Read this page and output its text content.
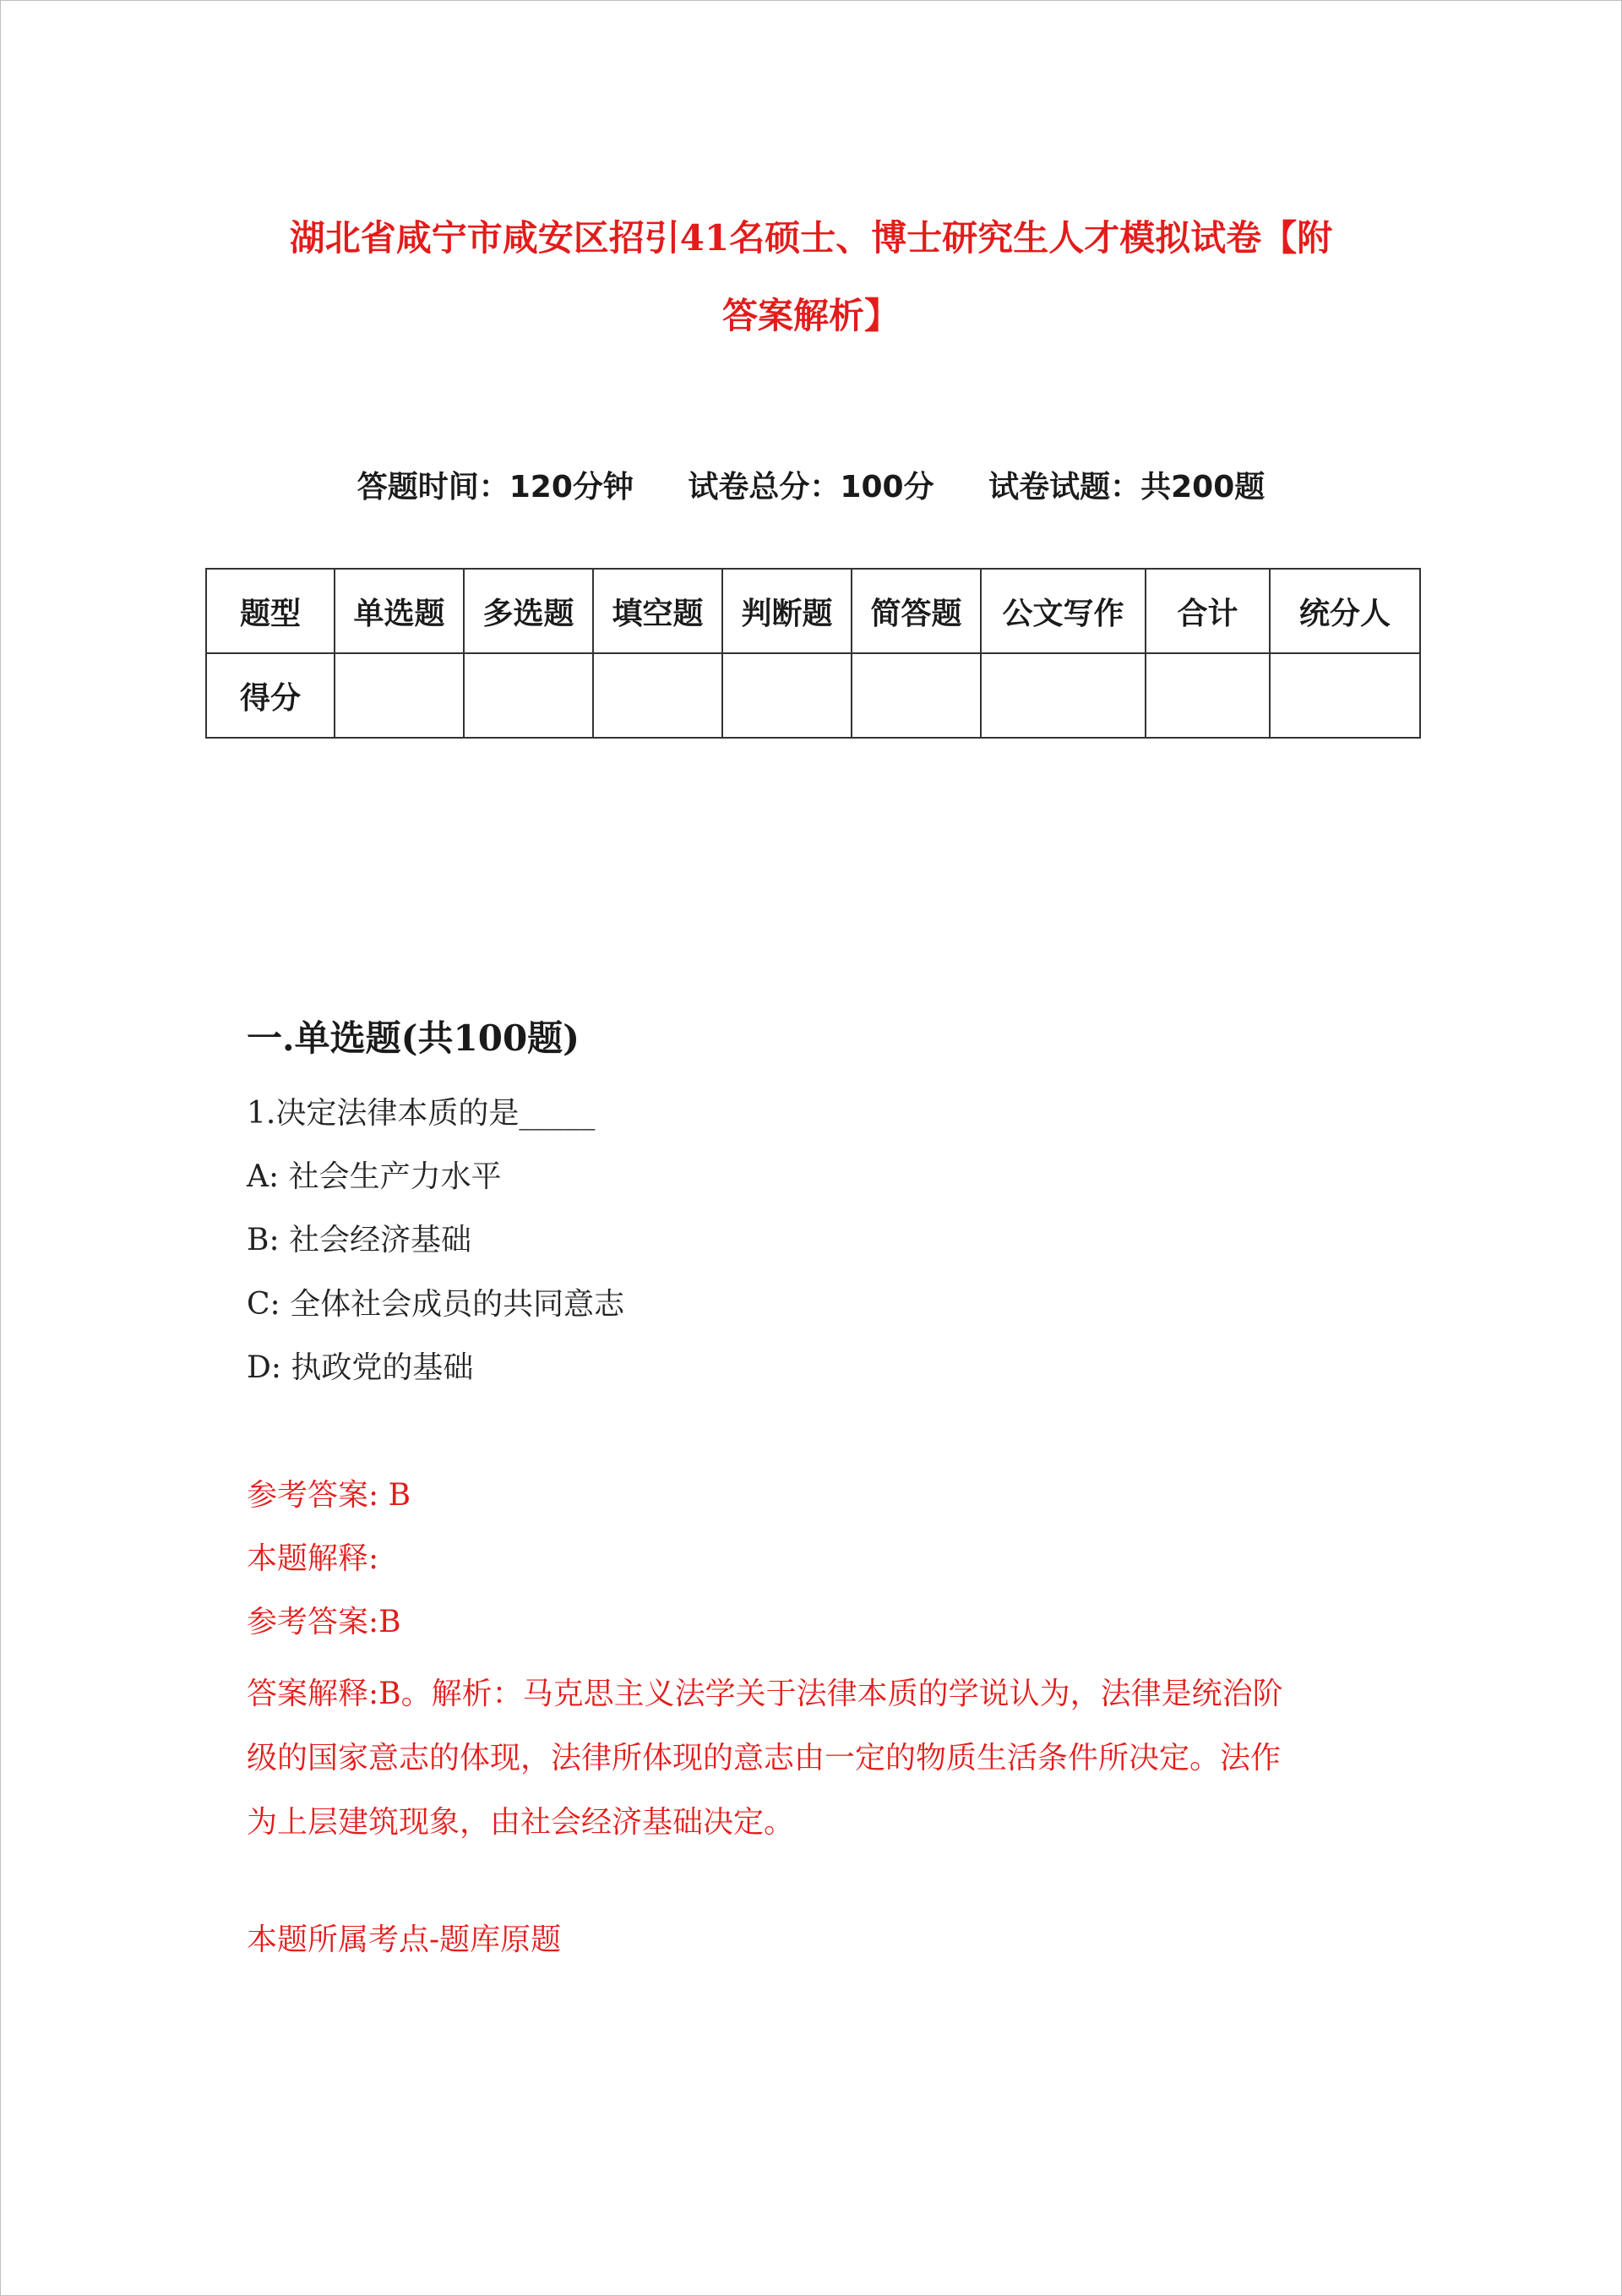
湖北省咸宁市咸安区招引41名硕士、博士研究生人才模拟试卷【附
答案解析】
答题时间：120分钟 试卷总分：100分 试卷试题：共200题
题型	单选题	多选题	填空题	判断题	简答题	公文写作	合计	统分人
得分								
一.单选题(共100题)

1.决定法律本质的是_____

A: 社会生产力水平

B: 社会经济基础

C: 全体社会成员的共同意志

D: 执政党的基础

参考答案: B

本题解释:

参考答案:B

答案解释:B。解析：马克思主义法学关于法律本质的学说认为，法律是统治阶
级的国家意志的体现，法律所体现的意志由一定的物质生活条件所决定。法作
为上层建筑现象，由社会经济基础决定。

本题所属考点-题库原题
